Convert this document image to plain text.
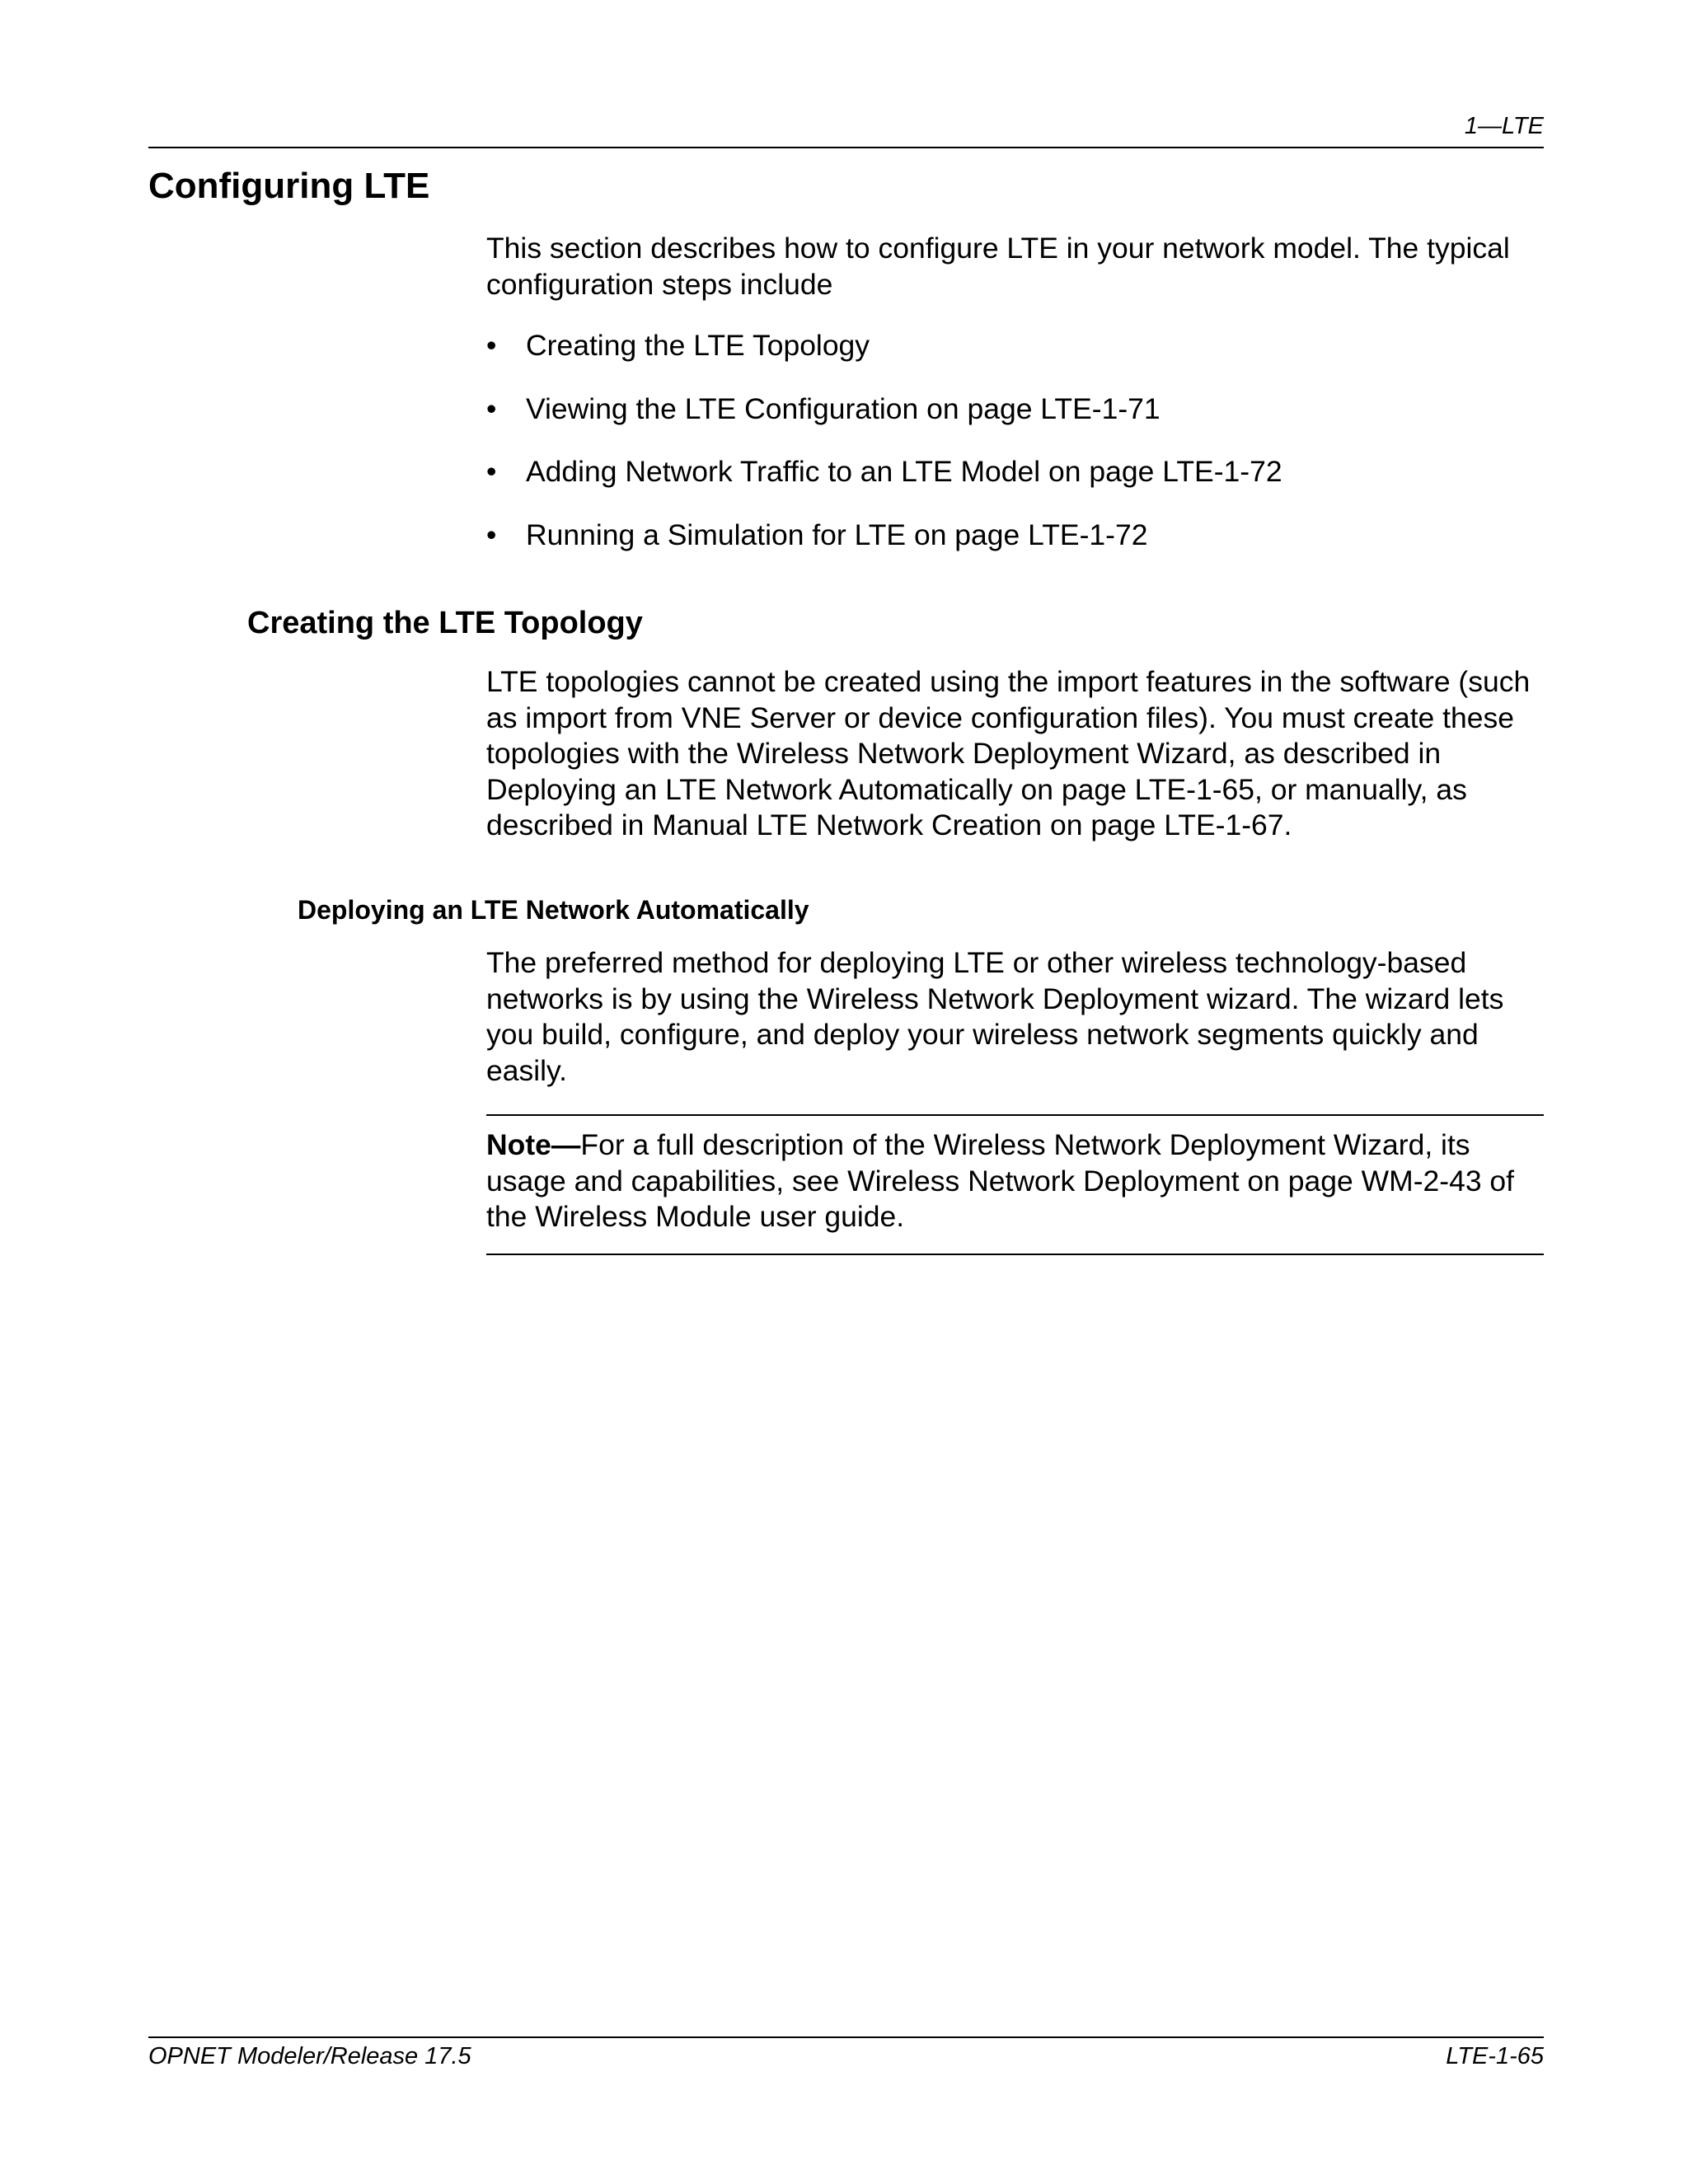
1—LTE
Configuring LTE
This section describes how to configure LTE in your network model. The typical configuration steps include
• Creating the LTE Topology
• Viewing the LTE Configuration on page LTE-1-71
• Adding Network Traffic to an LTE Model on page LTE-1-72
• Running a Simulation for LTE on page LTE-1-72
Creating the LTE Topology
LTE topologies cannot be created using the import features in the software (such as import from VNE Server or device configuration files). You must create these topologies with the Wireless Network Deployment Wizard, as described in Deploying an LTE Network Automatically on page LTE-1-65, or manually, as described in Manual LTE Network Creation on page LTE-1-67.
Deploying an LTE Network Automatically
The preferred method for deploying LTE or other wireless technology-based networks is by using the Wireless Network Deployment wizard. The wizard lets you build, configure, and deploy your wireless network segments quickly and easily.
Note—For a full description of the Wireless Network Deployment Wizard, its usage and capabilities, see Wireless Network Deployment on page WM-2-43 of the Wireless Module user guide.
OPNET Modeler/Release 17.5	LTE-1-65
